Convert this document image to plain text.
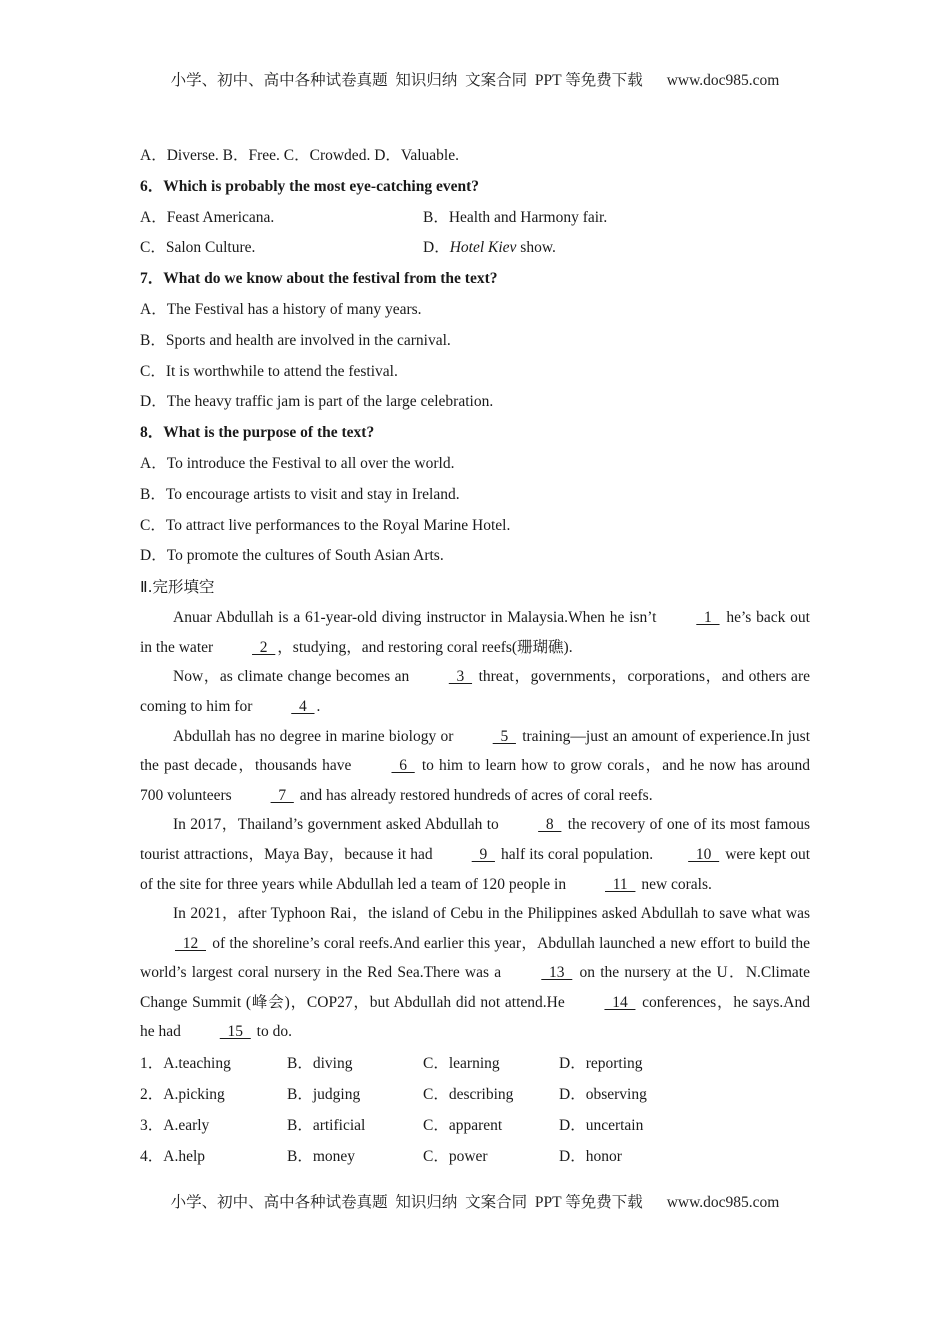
小学、初中、高中各种试卷真题  知识归纳  文案合同  PPT 等免费下载 www.doc985.com
A．Diverse. B．Free. C．Crowded. D．Valuable.
6．Which is probably the most eye-catching event?
A．Feast Americana.	B．Health and Harmony fair.
C．Salon Culture.	D．Hotel Kiev show.
7．What do we know about the festival from the text?
A．The Festival has a history of many years.
B．Sports and health are involved in the carnival.
C．It is worthwhile to attend the festival.
D．The heavy traffic jam is part of the large celebration.
8．What is the purpose of the text?
A．To introduce the Festival to all over the world.
B．To encourage artists to visit and stay in Ireland.
C．To attract live performances to the Royal Marine Hotel.
D．To promote the cultures of South Asian Arts.
Ⅱ.完形填空

Anuar Abdullah is a 61-year-old diving instructor in Malaysia.When he isn’t   1   he’s back out in the water   2  ，studying，and restoring coral reefs(珊瑚礁).

Now，as climate change becomes an   3   threat，governments，corporations，and others are coming to him for   4  .

Abdullah has no degree in marine biology or   5   training—just an amount of experience.In just the past decade，thousands have   6   to him to learn how to grow corals，and he now has around 700 volunteers   7   and has already restored hundreds of acres of coral reefs.

In 2017，Thailand’s government asked Abdullah to   8   the recovery of one of its most famous tourist attractions，Maya Bay，because it had   9   half its coral population.  10   were kept out of the site for three years while Abdullah led a team of 120 people in   11   new corals.

In 2021，after Typhoon Rai，the island of Cebu in the Philippines asked Abdullah to save what was   12   of the shoreline’s coral reefs.And earlier this year，Abdullah launched a new effort to build the world’s largest coral nursery in the Red Sea.There was a   13   on the nursery at the U．N.Climate Change Summit (峰会)，COP27，but Abdullah did not attend.He   14   conferences，he says.And he had   15   to do.

1．A.teaching	B．diving	C．learning	D．reporting
2．A.picking	B．judging	C．describing	D．observing
3．A.early	B．artificial	C．apparent	D．uncertain
4．A.help	B．money	C．power	D．honor
小学、初中、高中各种试卷真题  知识归纳  文案合同  PPT 等免费下载 www.doc985.com
